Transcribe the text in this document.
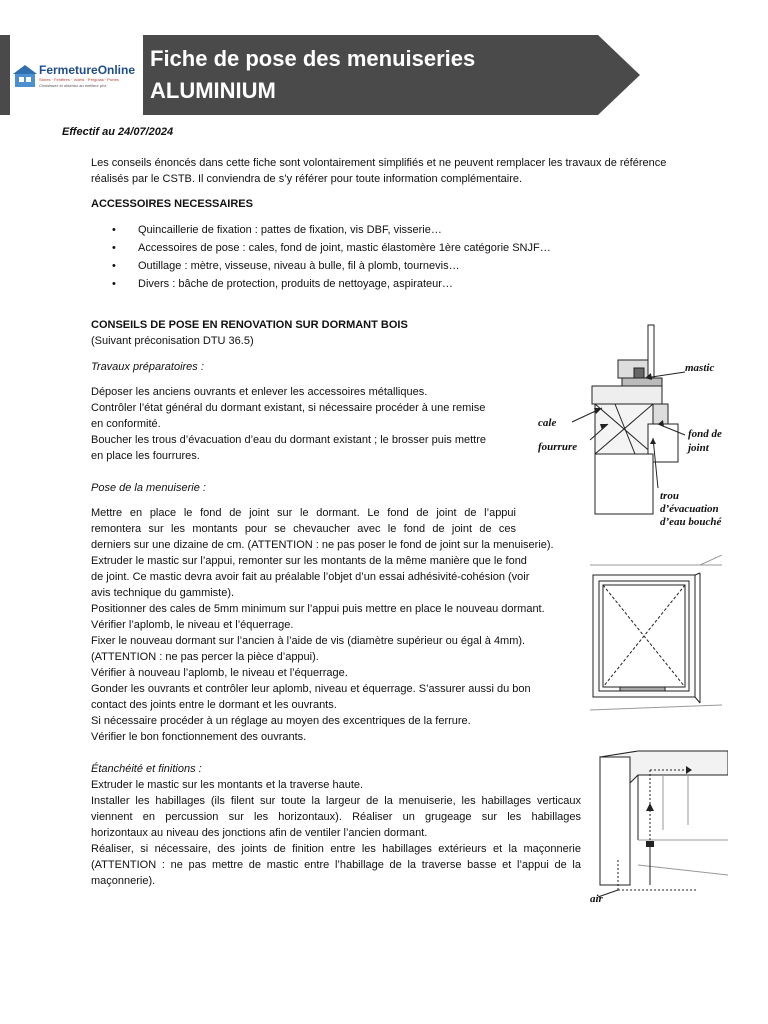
FermetureOnline
Stores · Fenêtres · Volets · Pergolas · Portes
Choisissez et obtenez au meilleur prix
Fiche de pose des menuiseries
ALUMINIUM
Effectif au 24/07/2024
Les conseils énoncés dans cette fiche sont volontairement simplifiés et ne peuvent remplacer les travaux de référence
réalisés par le CSTB. Il conviendra de s’y référer pour toute information complémentaire.
ACCESSOIRES NECESSAIRES
• Quincaillerie de fixation : pattes de fixation, vis DBF, visserie…
• Accessoires de pose : cales, fond de joint, mastic élastomère 1ère catégorie SNJF…
• Outillage : mètre, visseuse, niveau à bulle, fil à plomb, tournevis…
• Divers : bâche de protection, produits de nettoyage, aspirateur…
CONSEILS DE POSE EN RENOVATION SUR DORMANT BOIS
(Suivant préconisation DTU 36.5)
Travaux préparatoires :
Déposer les anciens ouvrants et enlever les accessoires métalliques.
Contrôler l’état général du dormant existant, si nécessaire procéder à une remise
en conformité.
Boucher les trous d’évacuation d’eau du dormant existant ; le brosser puis mettre
en place les fourrures.
Pose de la menuiserie :
Mettre en place le fond de joint sur le dormant. Le fond de joint de l’appui
remontera sur les montants pour se chevaucher avec le fond de joint de ces
derniers sur une dizaine de cm. (ATTENTION : ne pas poser le fond de joint sur la menuiserie).
Extruder le mastic sur l’appui, remonter sur les montants de la même manière que le fond
de joint. Ce mastic devra avoir fait au préalable l’objet d’un essai adhésivité-cohésion (voir
avis technique du gammiste).
Positionner des cales de 5mm minimum sur l’appui puis mettre en place le nouveau dormant.
Vérifier l’aplomb, le niveau et l’équerrage.
Fixer le nouveau dormant sur l’ancien à l’aide de vis (diamètre supérieur ou égal à 4mm).
(ATTENTION : ne pas percer la pièce d’appui).
Vérifier à nouveau l’aplomb, le niveau et l’équerrage.
Gonder les ouvrants et contrôler leur aplomb, niveau et équerrage. S’assurer aussi du bon
contact des joints entre le dormant et les ouvrants.
Si nécessaire procéder à un réglage au moyen des excentriques de la ferrure.
Vérifier le bon fonctionnement des ouvrants.
Étanchéité et finitions :
Extruder le mastic sur les montants et la traverse haute.
Installer les habillages (ils filent sur toute la largeur de la menuiserie, les habillages verticaux
viennent en percussion sur les horizontaux). Réaliser un grugeage sur les habillages
horizontaux au niveau des jonctions afin de ventiler l’ancien dormant.
Réaliser, si nécessaire, des joints de finition entre les habillages extérieurs et la maçonnerie
(ATTENTION : ne pas mettre de mastic entre l’habillage de la traverse basse et l’appui de la
maçonnerie).
mastic
cale
fourrure
fond de
joint
trou
d’évacuation
d’eau bouché
air
